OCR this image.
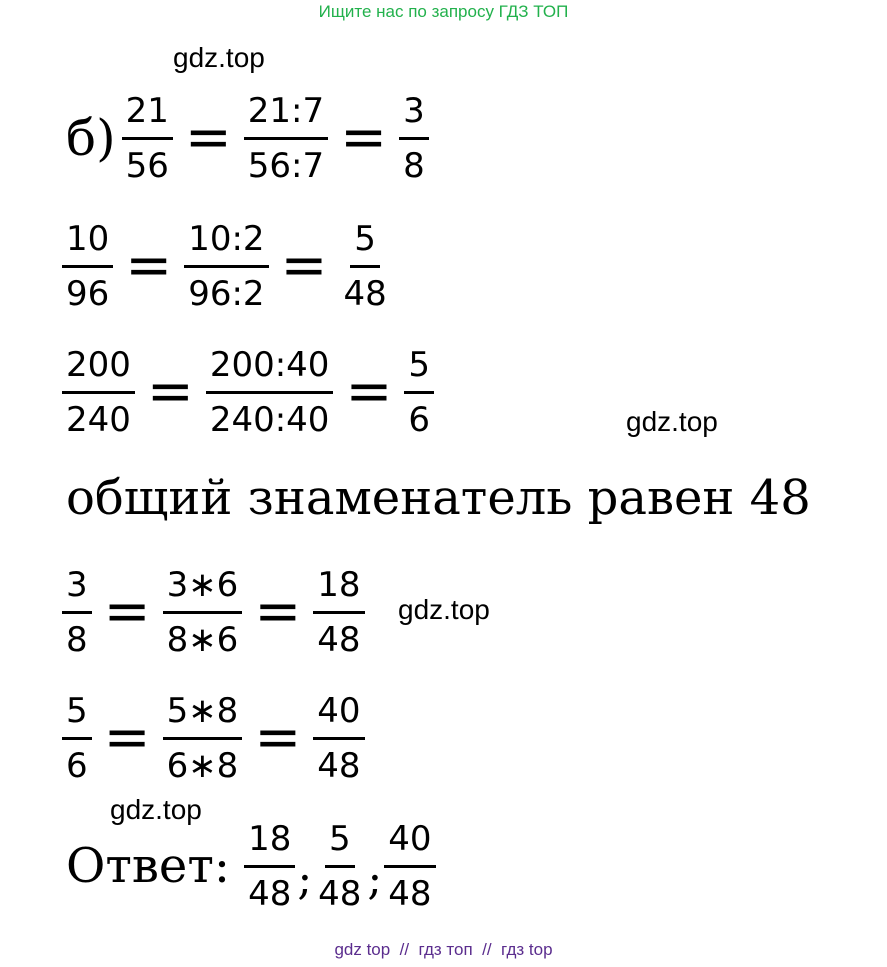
Ищите нас по запросу ГДЗ ТОП
gdz.top
$б) \frac{21}{56} = \frac{21:7}{56:7} = \frac{3}{8}$
$\frac{10}{96} = \frac{10:2}{96:2} = \frac{5}{48}$
$\frac{200}{240} = \frac{200:40}{240:40} = \frac{5}{6}$	gdz.top
общий знаменатель равен 48
$\frac{3}{8} = \frac{3∗6}{8∗6} = \frac{18}{48} gdz.top$
$\frac{5}{6} = \frac{5∗8}{6∗8} = \frac{40}{48}$
gdz.top
Ответ: $\frac{18}{48}$ ; $\frac{5}{48}$ ; $\frac{40}{48}$
gdz top  //  гдз топ  //  гдз top
